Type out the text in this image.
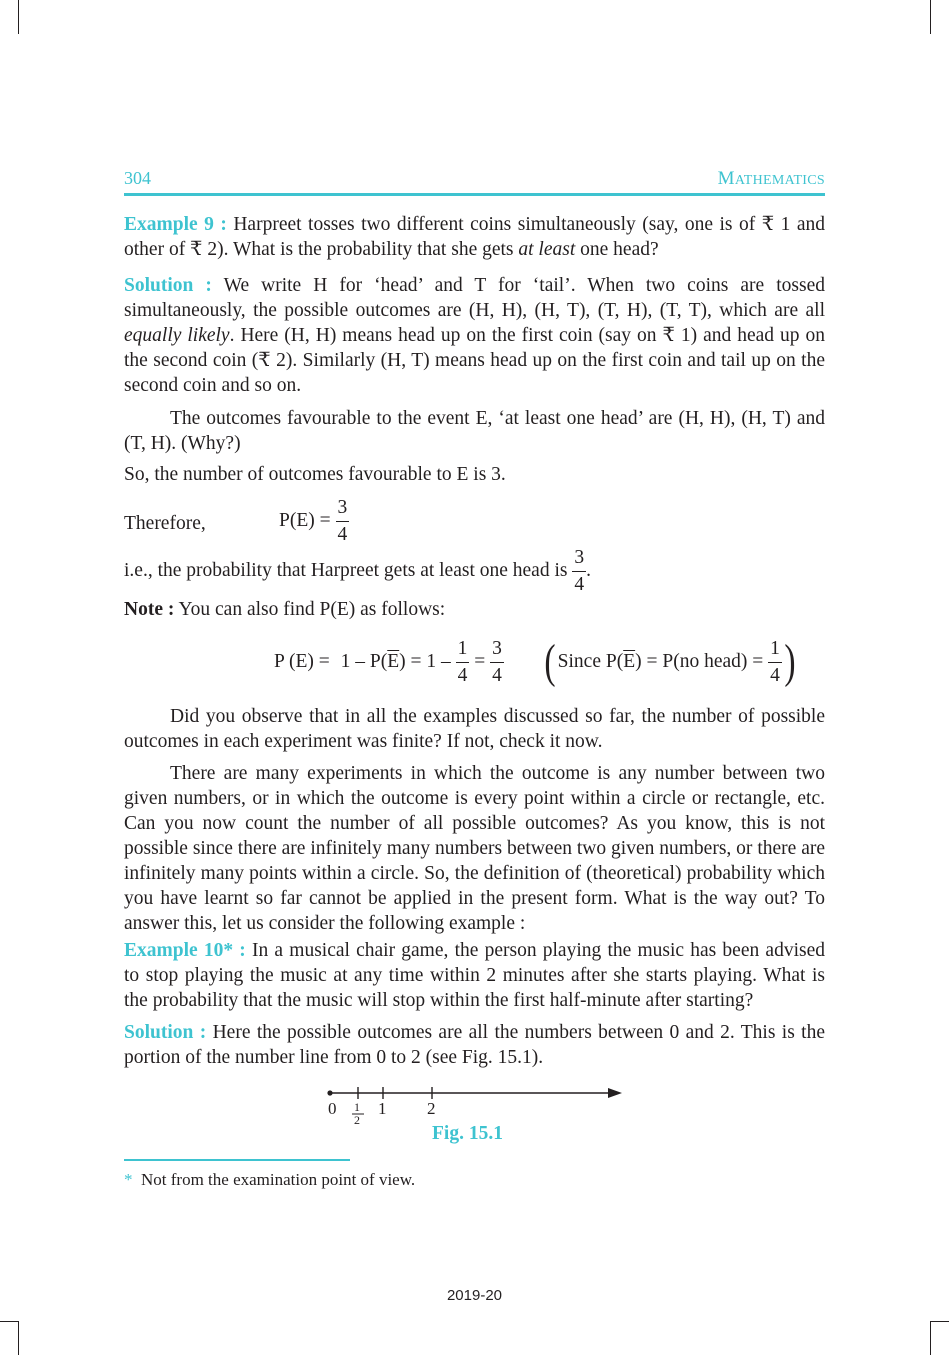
304	MATHEMATICS

Example 9 : Harpreet tosses two different coins simultaneously (say, one is of ₹ 1 and other of ₹ 2). What is the probability that she gets at least one head?

Solution : We write H for ‘head’ and T for ‘tail’. When two coins are tossed simultaneously, the possible outcomes are (H, H), (H, T), (T, H), (T, T), which are all equally likely. Here (H, H) means head up on the first coin (say on ₹ 1) and head up on the second coin (₹ 2). Similarly (H, T) means head up on the first coin and tail up on the second coin and so on.

The outcomes favourable to the event E, ‘at least one head’ are (H, H), (H, T) and (T, H). (Why?)

So, the number of outcomes favourable to E is 3.

Therefore,	$P(E) = \frac{3}{4}$
i.e., the probability that Harpreet gets at least one head is $\frac{3}{4}$ .
Note : You can also find P(E) as follows:
P $(E) = 1 - P(\overline{E}) = 1 - \frac{1}{4} = \frac{3}{4}$ ( Since $P(\overline{E}) = P(no$ head) = $\frac{1}{4}$ )

Did you observe that in all the examples discussed so far, the number of possible outcomes in each experiment was finite? If not, check it now.

There are many experiments in which the outcome is any number between two given numbers, or in which the outcome is every point within a circle or rectangle, etc. Can you now count the number of all possible outcomes? As you know, this is not possible since there are infinitely many numbers between two given numbers, or there are infinitely many points within a circle. So, the definition of (theoretical) probability which you have learnt so far cannot be applied in the present form. What is the way out? To answer this, let us consider the following example :

Example 10* : In a musical chair game, the person playing the music has been advised to stop playing the music at any time within 2 minutes after she starts playing. What is the probability that the music will stop within the first half-minute after starting?

Solution : Here the possible outcomes are all the numbers between 0 and 2. This is the portion of the number line from 0 to 2 (see Fig. 15.1).

0 1
2
1 2
Fig. 15.1
* Not from the examination point of view.
2019-20
